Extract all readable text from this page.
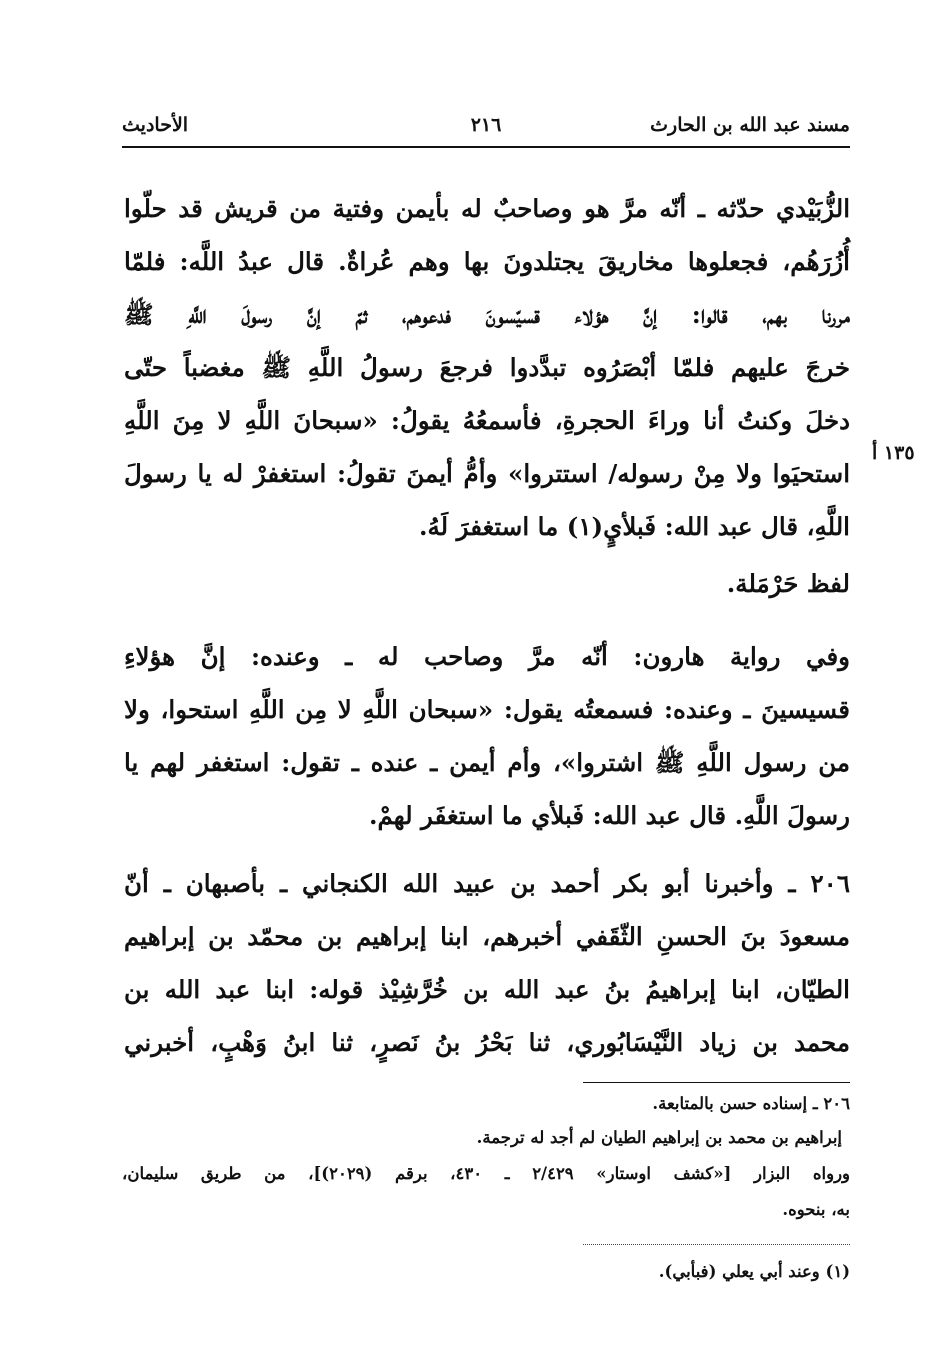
مسند عبد الله بن الحارث
٢١٦
الأحاديث
١٣٥ أ
الزُّبَيْدي حدّثه ـ أنّه مرَّ هو وصاحبٌ له بأيمن وفتية من قريش قد حلّوا
أُزُرَهُم، فجعلوها مخاريقَ يجتلدونَ بها وهم عُراةٌ. قال عبدُ اللَّه: فلمّا
مررنا بهم، قالوا: إنَّ هؤلاء قسيّسونَ فدعوهم، ثمّ إنَّ رسولَ اللَّهِ ﷺ
خرجَ عليهم فلمّا أبْصَرُوه تبدَّدوا فرجعَ رسولُ اللَّهِ ﷺ مغضباً حتّى
دخلَ وكنتُ أنا وراءَ الحجرةِ، فأسمعُهُ يقولُ: «سبحانَ اللَّهِ لا مِنَ اللَّهِ
استحيَوا ولا مِنْ رسوله/ استتروا» وأمُّ أيمنَ تقولُ: استغفرْ له يا رسولَ
اللَّهِ، قال عبد الله: فَبلأيٍ(١) ما استغفرَ لَهُ.
لفظ حَرْمَلة.
وفي رواية هارون: أنّه مرَّ وصاحب له ـ وعنده: إنَّ هؤلاءِ
قسيسينَ ـ وعنده: فسمعتُه يقول: «سبحان اللَّهِ لا مِن اللَّهِ استحوا، ولا
من رسول اللَّهِ ﷺ اشتروا»، وأم أيمن ـ عنده ـ تقول: استغفر لهم يا
رسولَ اللَّهِ. قال عبد الله: فَبلأي ما استغفَر لهمْ.
٢٠٦ ـ وأخبرنا أبو بكر أحمد بن عبيد الله الكنجاني ـ بأصبهان ـ أنّ
مسعودَ بنَ الحسنِ الثّقَفي أخبرهم، ابنا إبراهيم بن محمّد بن إبراهيم
الطيّان، ابنا إبراهيمُ بنُ عبد الله بن خُرَّشِيْذ قوله: ابنا عبد الله بن
محمد بن زياد النَّيْسَابُوري، ثنا بَحْرُ بنُ نَصرٍ، ثنا ابنُ وَهْبٍ، أخبرني
٢٠٦ ـ إسناده حسن بالمتابعة.
إبراهيم بن محمد بن إبراهيم الطيان لم أجد له ترجمة.
ورواه البزار [«كشف اوستار» ٢/٤٢٩ ـ ٤٣٠، برقم (٢٠٢٩)]، من طريق سليمان،
به، بنحوه.
(١) وعند أبي يعلي (فبأبي).
